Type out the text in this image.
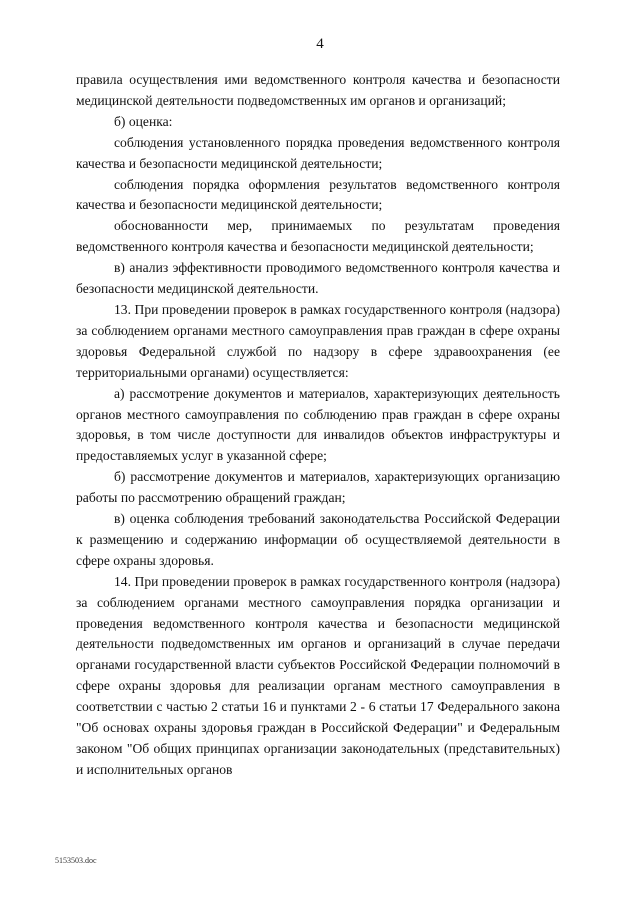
4

правила осуществления ими ведомственного контроля качества и безопасности медицинской деятельности подведомственных им органов и организаций;

б) оценка:

соблюдения установленного порядка проведения ведомственного контроля качества и безопасности медицинской деятельности;

соблюдения порядка оформления результатов ведомственного контроля качества и безопасности медицинской деятельности;

обоснованности мер, принимаемых по результатам проведения ведомственного контроля качества и безопасности медицинской деятельности;

в) анализ эффективности проводимого ведомственного контроля качества и безопасности медицинской деятельности.

13. При проведении проверок в рамках государственного контроля (надзора) за соблюдением органами местного самоуправления прав граждан в сфере охраны здоровья Федеральной службой по надзору в сфере здравоохранения (ее территориальными органами) осуществляется:

а) рассмотрение документов и материалов, характеризующих деятельность органов местного самоуправления по соблюдению прав граждан в сфере охраны здоровья, в том числе доступности для инвалидов объектов инфраструктуры и предоставляемых услуг в указанной сфере;

б) рассмотрение документов и материалов, характеризующих организацию работы по рассмотрению обращений граждан;

в) оценка соблюдения требований законодательства Российской Федерации к размещению и содержанию информации об осуществляемой деятельности в сфере охраны здоровья.

14. При проведении проверок в рамках государственного контроля (надзора) за соблюдением органами местного самоуправления порядка организации и проведения ведомственного контроля качества и безопасности медицинской деятельности подведомственных им органов и организаций в случае передачи органами государственной власти субъектов Российской Федерации полномочий в сфере охраны здоровья для реализации органам местного самоуправления в соответствии с частью 2 статьи 16 и пунктами 2 - 6 статьи 17 Федерального закона "Об основах охраны здоровья граждан в Российской Федерации" и Федеральным законом "Об общих принципах организации законодательных (представительных) и исполнительных органов

5153503.doc
